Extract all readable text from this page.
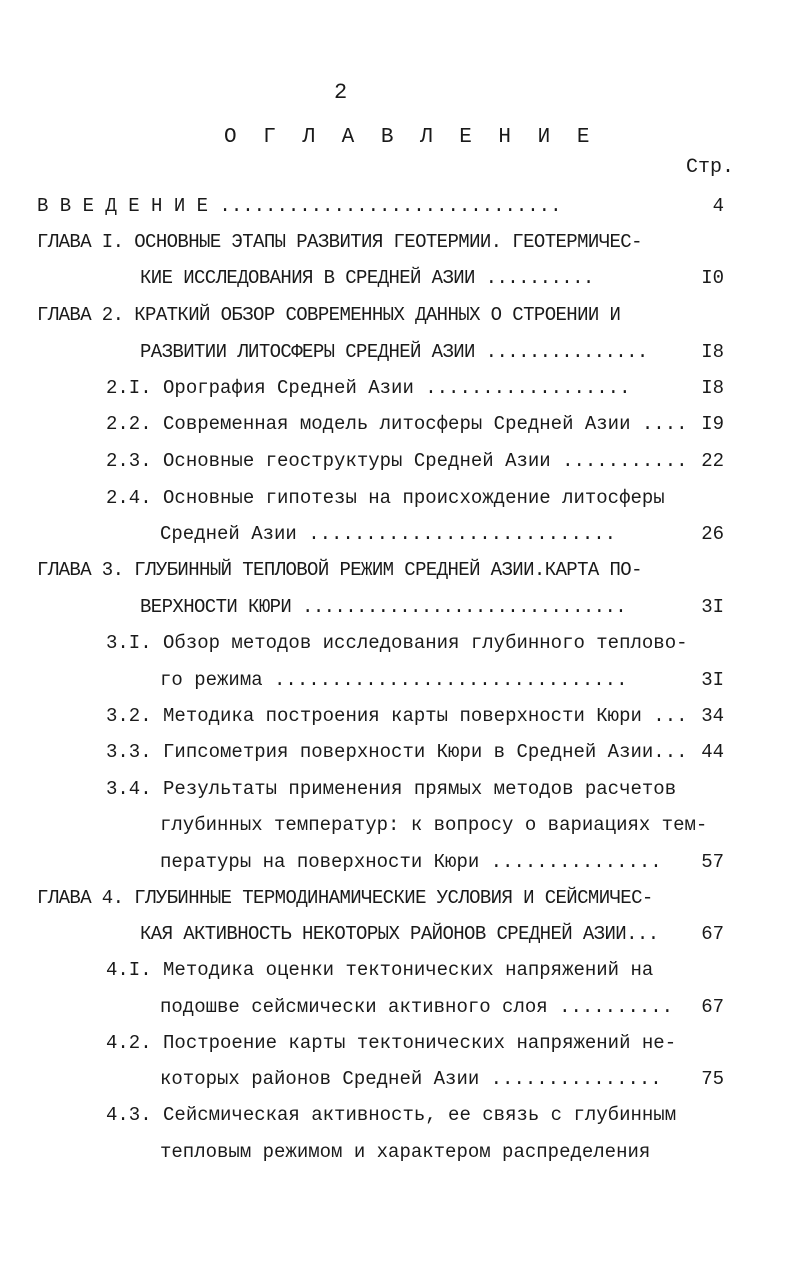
2
О Г Л А В Л Е Н И Е
Стр.
В В Е Д Е Н И Е ..............................	4
ГЛАВА I. ОСНОВНЫЕ ЭТАПЫ РАЗВИТИЯ ГЕОТЕРМИИ. ГЕОТЕРМИЧЕС-
КИЕ ИССЛЕДОВАНИЯ В СРЕДНЕЙ АЗИИ ..........	I0
ГЛАВА 2. КРАТКИЙ ОБЗОР СОВРЕМЕННЫХ ДАННЫХ О СТРОЕНИИ И
РАЗВИТИИ ЛИТОСФЕРЫ СРЕДНЕЙ АЗИИ ...............	I8
2.I. Орография Средней Азии ..................	I8
2.2. Современная модель литосферы Средней Азии .... I9
2.3. Основные геоструктуры Средней Азии ........... 22
2.4. Основные гипотезы на происхождение литосферы
Средней Азии ...........................	26
ГЛАВА 3. ГЛУБИННЫЙ ТЕПЛОВОЙ РЕЖИМ СРЕДНЕЙ АЗИИ.КАРТА ПО-
ВЕРХНОСТИ КЮРИ ..............................	3I
3.I. Обзор методов исследования глубинного теплово-
го режима ...............................	3I
3.2. Методика построения карты поверхности Кюри ... 34
3.3. Гипсометрия поверхности Кюри в Средней Азии... 44
3.4. Результаты применения прямых методов расчетов
глубинных температур: к вопросу о вариациях тем-
пературы на поверхности Кюри ............... 57
ГЛАВА 4. ГЛУБИННЫЕ ТЕРМОДИНАМИЧЕСКИЕ УСЛОВИЯ И СЕЙСМИЧЕС-
КАЯ АКТИВНОСТЬ НЕКОТОРЫХ РАЙОНОВ СРЕДНЕЙ АЗИИ... 67
4.I. Методика оценки тектонических напряжений на
подошве сейсмически активного слоя .......... 67
4.2. Построение карты тектонических напряжений не-
которых районов Средней Азии ............... 75
4.3. Сейсмическая активность, ее связь с глубинным
тепловым режимом и характером распределения
